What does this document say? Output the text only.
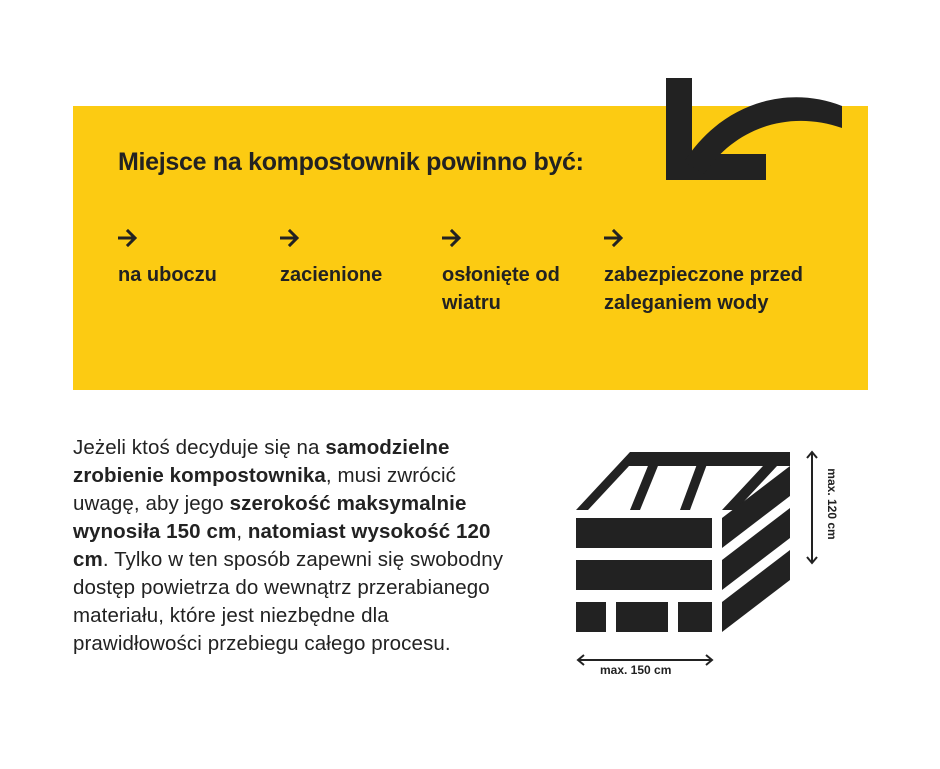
Miejsce na kompostownik powinno być:
na uboczu	zacienione	osłonięte od wiatru
zabezpieczone przed zaleganiem wody

Jeżeli ktoś decyduje się na samodzielne zrobienie kompostownika, musi zwrócić uwagę, aby jego szerokość maksymalnie wynosiła 150 cm, natomiast wysokość 120 cm. Tylko w ten sposób zapewni się swobodny dostęp powietrza do wewnątrz przerabianego materiału, które jest niezbędne dla prawidłowości przebiegu całego procesu.

max. 150 cm
max. 120 cm
